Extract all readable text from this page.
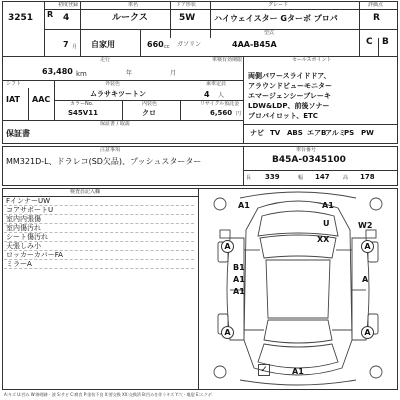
3251
初度登録
R 4
車名
ルークス
ドア形状
5W
グレード
ハイウェイスター Gターボ プロパ
評価点
R
7 月 自家用	660 cc ガソリン
型式
4AA-B45A	C B
走行
63,480 km	年	月
車検有効期限	セールスポイント
シフト	外装色	乗車定員
IAT AAC
ムラサキツートン	4 人
カラーNo.	内装色	リサイクル預託金
S45V11	クロ	6,560 円
保証書 / 取説
保証書
両側パワースライドドア、
アラウンドビューモニター
エマージェンシーブレーキ
LDW&LDP、前後ソナー
プロパイロット、ETC
ナビ TV ABS エアB
アルミ
PS PW
注意事項
MM321D-L、ドラレコ(SD欠品)、プッシュスターター
車台番号
B45A-0345100
長 339	幅 147	高 178
検査員記入欄
FインナーUW
コアサポートU
室内内張傷
室内傷汚れ
シート傷汚れ
天張しみ小
ロッカーカバーFA
ミラーA
A1	A1
W2
A	A
XX
U
B1
A1
A1
A
A	A
A1
✓
A:キズ U:凹み W:修理跡・波 S:サビ C:腐食 P:塗装不良 X:要交換 XX:交換済 B:凹みを伴うキズ Y:穴・亀裂 E:エクボ
